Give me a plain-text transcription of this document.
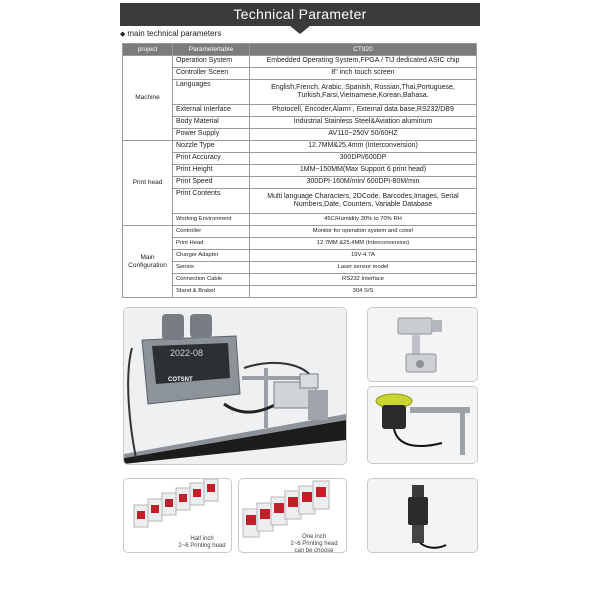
Technical Parameter
◆ main technical parameters
project	Parametertable	CT920
Machine	Operation System	Embedded Operating System,FPGA / TIJ dedicated ASIC chip
	Controller Sceen	8" inch touch screen
	Languages	English,French, Arabic, Spanish, Russian,Thai,Portuguese, Turkish,Farsi,Vietnamese,Korean,Bahasa.
	External Interface	Photocell, Encoder,Alarm , External data base,RS232/DB9
	Body Material	Industrial Stainless Steel&Aviation aluminum
	Power Supply	AV110~250V 50/60HZ
Print head	Nozzle Type	12.7MM&25.4mm (Interconversion)
	Print Accuracy	300DPI/600DP
	Print Height	1MM~150MM(Max Support 6 print head)
	Print Speed	300DPI-160M/min/ 600DPI-80M/min
	Print Contents	Multi language Characters, 2DCode. Barcodes,Images, Serial Numbers,Date, Counters, Variable Database
	Working Environment	45C/Humidity 30% to 70% RH
Main Configuration	Controller	Monitor for operaiton system and cotorl
	Print Head	12.7MM &25.4MM (Interconversion)
	Charger Adapter	19V-4.7A
	Sensor	Laser sensor model
	Connection Cable	RS232 Interface
	Stand & Braket	304 S/S
2022-08
COTSNT
Half inch
2~6 Printing head
One inch
2~6 Printing head
can be choose
